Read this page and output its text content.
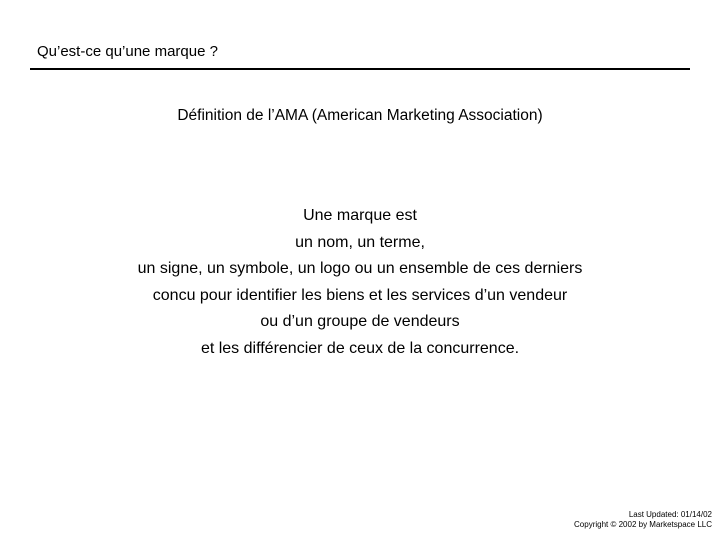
Qu’est-ce qu’une marque ?
Définition de l’AMA (American Marketing Association)
Une marque est
un nom, un terme,
un signe, un symbole, un logo ou un ensemble de ces derniers
concu pour identifier les biens et les services d’un vendeur
ou d’un groupe de vendeurs
et les différencier de ceux de la concurrence.
Last Updated: 01/14/02
Copyright © 2002 by Marketspace LLC
